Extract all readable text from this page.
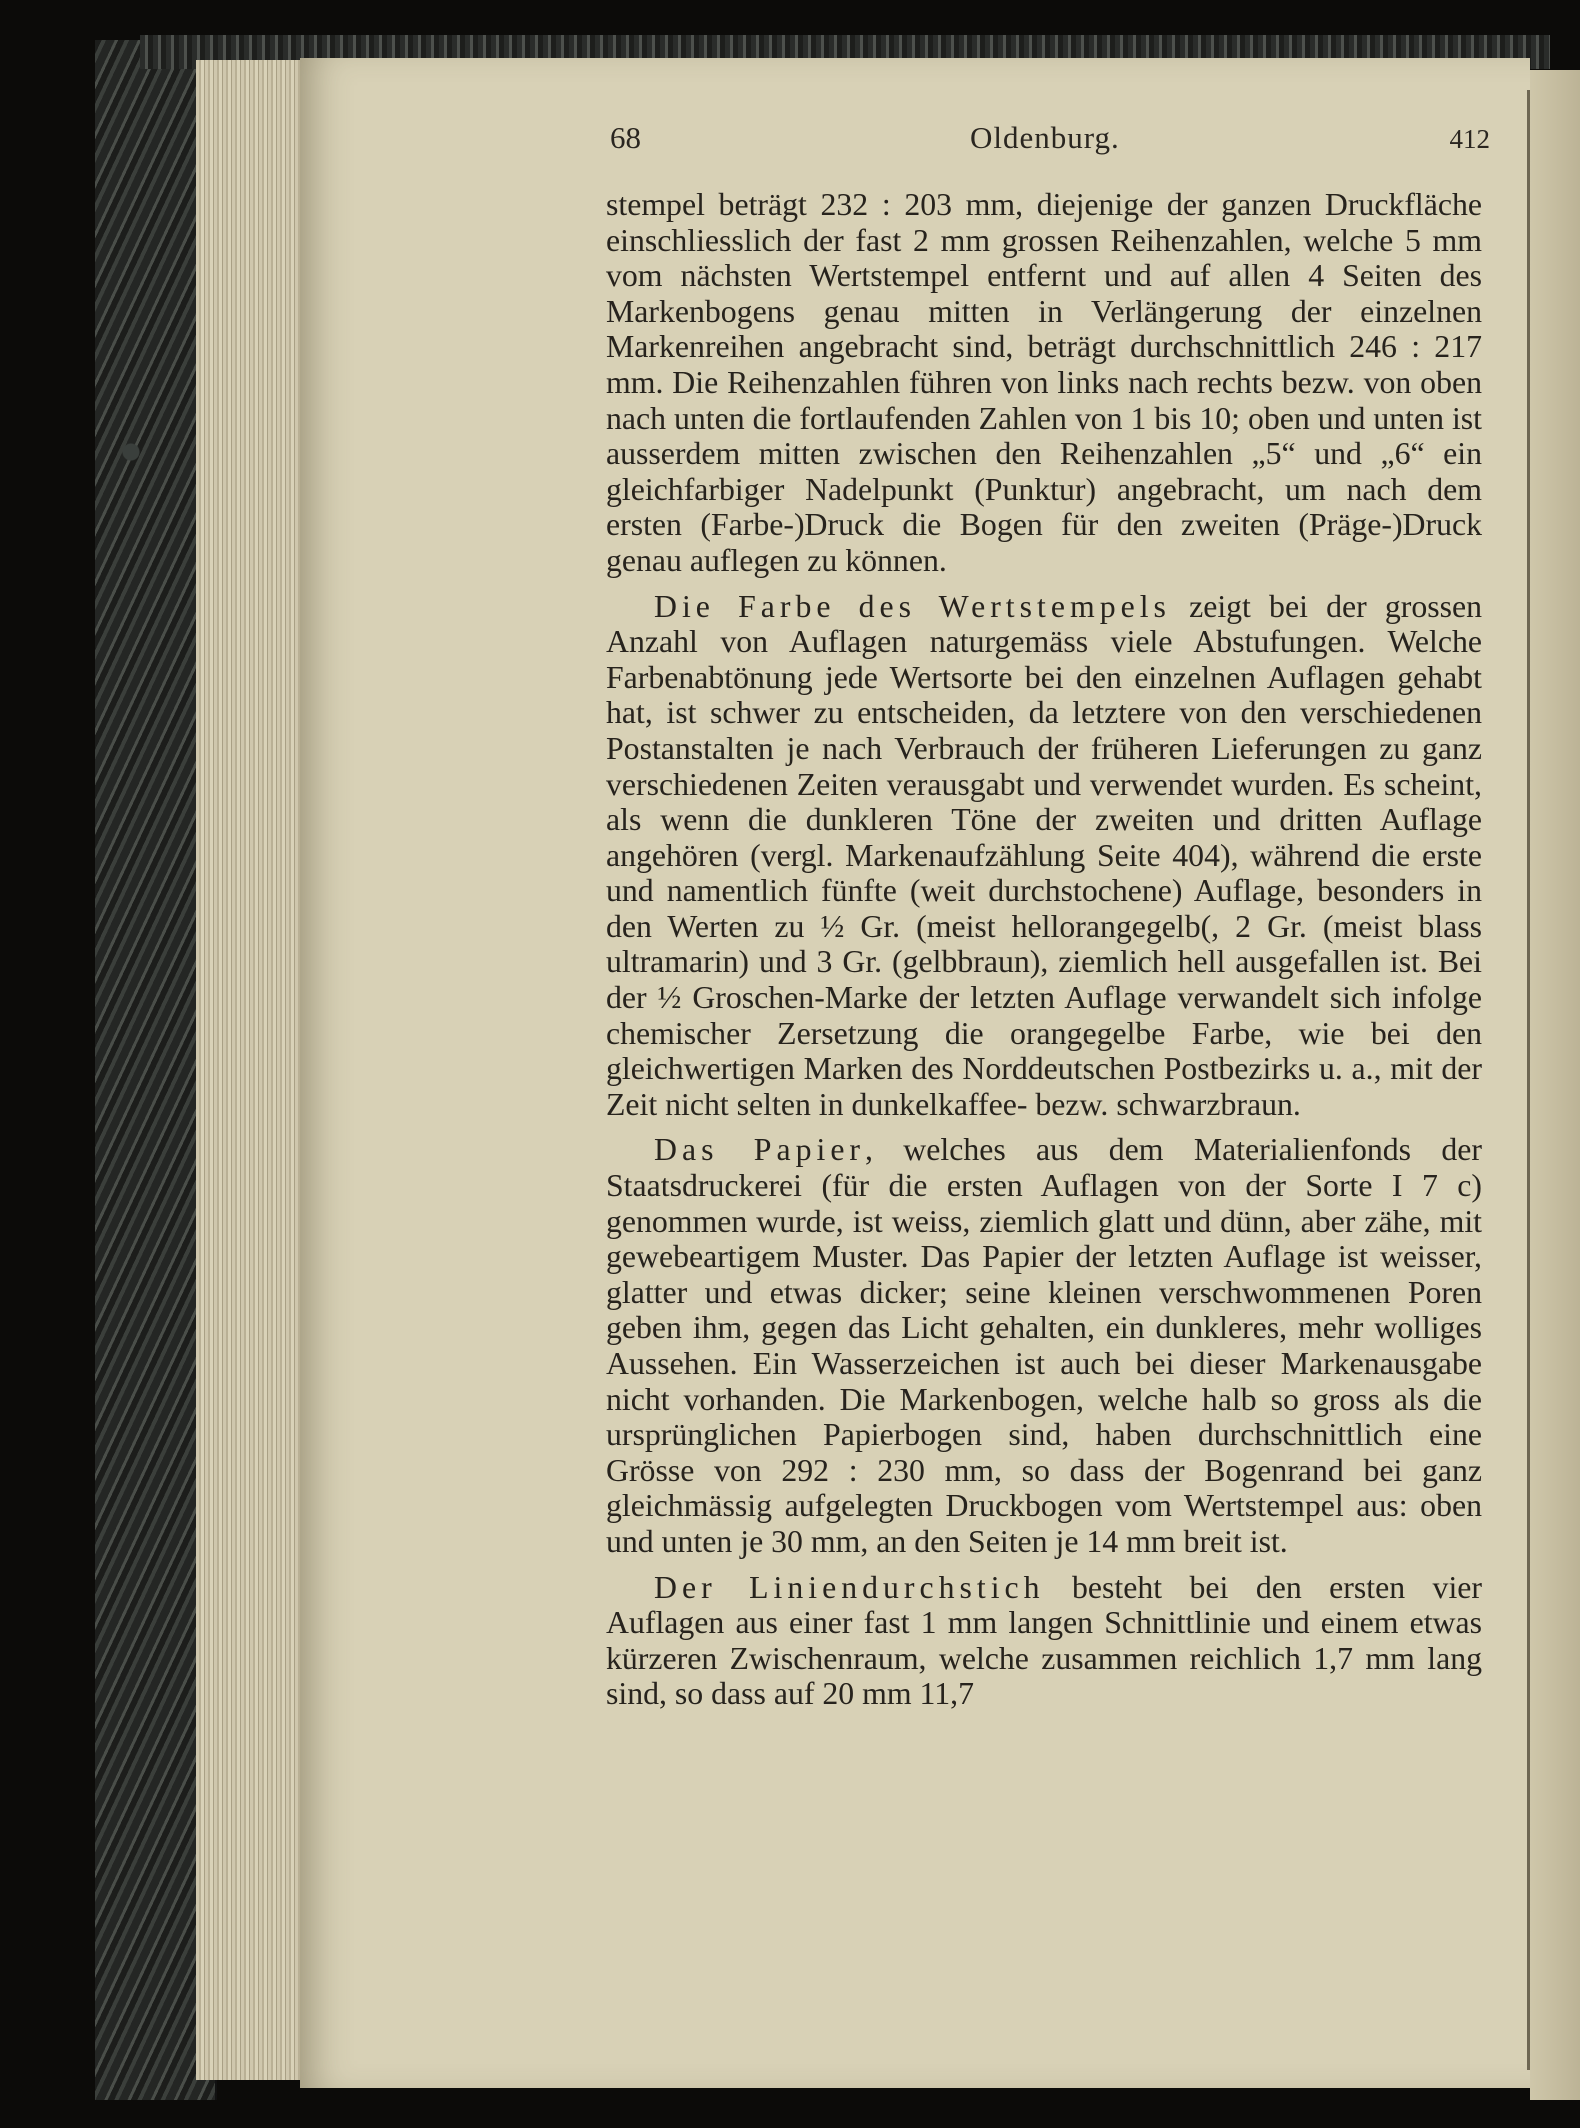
68	Oldenburg.	412

stempel beträgt 232 : 203 mm, diejenige der ganzen Druckfläche einschliesslich der fast 2 mm grossen Reihenzahlen, welche 5 mm vom nächsten Wertstempel entfernt und auf allen 4 Seiten des Markenbogens genau mitten in Verlängerung der einzelnen Markenreihen angebracht sind, beträgt durchschnittlich 246 : 217 mm. Die Reihenzahlen führen von links nach rechts bezw. von oben nach unten die fortlaufenden Zahlen von 1 bis 10; oben und unten ist ausserdem mitten zwischen den Reihenzahlen „5“ und „6“ ein gleichfarbiger Nadelpunkt (Punktur) angebracht, um nach dem ersten (Farbe-)Druck die Bogen für den zweiten (Präge-)Druck genau auflegen zu können.

Die Farbe des Wertstempels zeigt bei der grossen Anzahl von Auflagen naturgemäss viele Abstufungen. Welche Farbenabtönung jede Wertsorte bei den einzelnen Auflagen gehabt hat, ist schwer zu entscheiden, da letztere von den verschiedenen Postanstalten je nach Verbrauch der früheren Lieferungen zu ganz verschiedenen Zeiten verausgabt und verwendet wurden. Es scheint, als wenn die dunkleren Töne der zweiten und dritten Auflage angehören (vergl. Markenaufzählung Seite 404), während die erste und namentlich fünfte (weit durchstochene) Auflage, besonders in den Werten zu ½ Gr. (meist hellorangegelb(, 2 Gr. (meist blass ultramarin) und 3 Gr. (gelbbraun), ziemlich hell ausgefallen ist. Bei der ½ Groschen-Marke der letzten Auflage verwandelt sich infolge chemischer Zersetzung die orangegelbe Farbe, wie bei den gleichwertigen Marken des Norddeutschen Postbezirks u. a., mit der Zeit nicht selten in dunkelkaffee- bezw. schwarzbraun.

Das Papier, welches aus dem Materialienfonds der Staatsdruckerei (für die ersten Auflagen von der Sorte I 7 c) genommen wurde, ist weiss, ziemlich glatt und dünn, aber zähe, mit gewebeartigem Muster. Das Papier der letzten Auflage ist weisser, glatter und etwas dicker; seine kleinen verschwommenen Poren geben ihm, gegen das Licht gehalten, ein dunkleres, mehr wolliges Aussehen. Ein Wasserzeichen ist auch bei dieser Markenausgabe nicht vorhanden. Die Markenbogen, welche halb so gross als die ursprünglichen Papierbogen sind, haben durchschnittlich eine Grösse von 292 : 230 mm, so dass der Bogenrand bei ganz gleichmässig aufgelegten Druckbogen vom Wertstempel aus: oben und unten je 30 mm, an den Seiten je 14 mm breit ist.

Der Liniendurchstich besteht bei den ersten vier Auflagen aus einer fast 1 mm langen Schnittlinie und einem etwas kürzeren Zwischenraum, welche zusammen reichlich 1,7 mm lang sind, so dass auf 20 mm 11,7
